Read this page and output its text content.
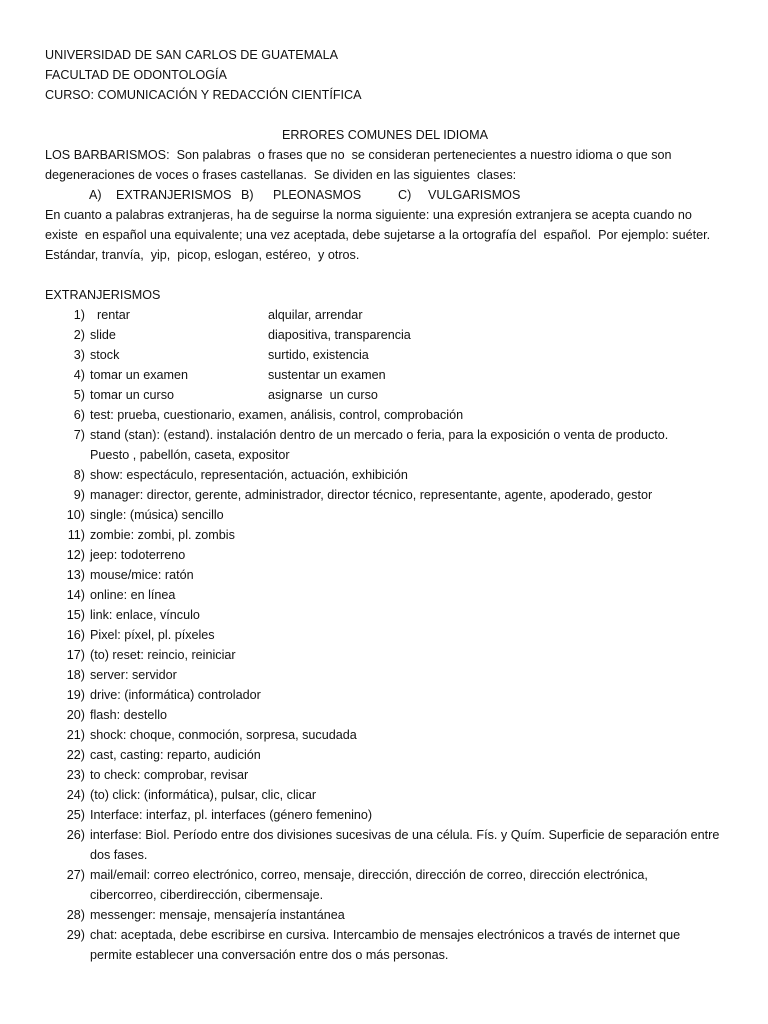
UNIVERSIDAD DE SAN CARLOS DE GUATEMALA
FACULTAD DE ODONTOLOGÍA
CURSO: COMUNICACIÓN Y REDACCIÓN CIENTÍFICA
ERRORES COMUNES DEL IDIOMA
LOS BARBARISMOS:  Son palabras  o frases que no  se consideran pertenecientes a nuestro idioma o que son
degeneraciones de voces o frases castellanas.  Se dividen en las siguientes  clases:
A) EXTRANJERISMOS B) PLEONASMOS	C) VULGARISMOS
En cuanto a palabras extranjeras, ha de seguirse la norma siguiente: una expresión extranjera se acepta cuando no
existe  en español una equivalente; una vez aceptada, debe sujetarse a la ortografía del  español.  Por ejemplo: suéter.
Estándar, tranvía,  yip,  picop, eslogan, estéreo,  y otros.
EXTRANJERISMOS
1) rentar	alquilar, arrendar
2) slide	diapositiva, transparencia
3) stock	surtido, existencia
4) tomar un examen	sustentar un examen
5) tomar un curso	asignarse  un curso
6) test: prueba, cuestionario, examen, análisis, control, comprobación
7) stand (stan): (estand). instalación dentro de un mercado o feria, para la exposición o venta de producto.
Puesto , pabellón, caseta, expositor
8) show: espectáculo, representación, actuación, exhibición
9) manager: director, gerente, administrador, director técnico, representante, agente, apoderado, gestor
10) single: (música) sencillo
11) zombie: zombi, pl. zombis
12) jeep: todoterreno
13) mouse/mice: ratón
14) online: en línea
15) link: enlace, vínculo
16) Pixel: píxel, pl. píxeles
17) (to) reset: reincio, reiniciar
18) server: servidor
19) drive: (informática) controlador
20) flash: destello
21) shock: choque, conmoción, sorpresa, sucudada
22) cast, casting: reparto, audición
23) to check: comprobar, revisar
24) (to) click: (informática), pulsar, clic, clicar
25) Interface: interfaz, pl. interfaces (género femenino)
26) interfase: Biol. Período entre dos divisiones sucesivas de una célula. Fís. y Quím. Superficie de separación entre
dos fases.
27) mail/email: correo electrónico, correo, mensaje, dirección, dirección de correo, dirección electrónica,
cibercorreo, ciberdirección, cibermensaje.
28) messenger: mensaje, mensajería instantánea
29) chat: aceptada, debe escribirse en cursiva. Intercambio de mensajes electrónicos a través de internet que
permite establecer una conversación entre dos o más personas.
